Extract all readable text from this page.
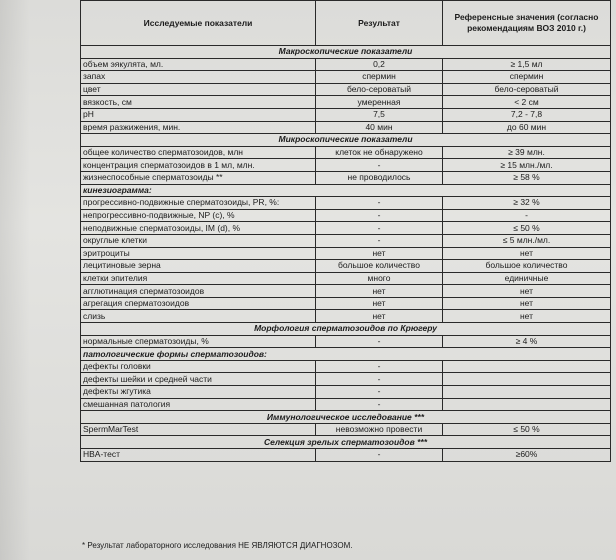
Исследуемые показатели	Результат	Референсные значения (согласно рекомендациям ВОЗ 2010 г.)
Макроскопические показатели		
объем эякулята, мл.	0,2	≥ 1,5 мл
запах	спермин	спермин
цвет	бело-сероватый	бело-сероватый
вязкость, см	умеренная	< 2 см
pH	7,5	7,2 - 7,8
время разжижения, мин.	40 мин	до 60 мин
Микроскопические показатели		
общее количество сперматозоидов, млн	клеток не обнаружено	≥ 39 млн.
концентрация сперматозоидов в 1 мл, млн.	-	≥ 15 млн./мл.
жизнеспособные сперматозоиды **	не проводилось	≥ 58 %
кинезиограмма:		
прогрессивно-подвижные сперматозоиды, PR, %:	-	≥ 32 %
непрогрессивно-подвижные, NP (c), %	-	-
неподвижные сперматозоиды, IM (d), %	-	≤ 50 %
округлые клетки	-	≤ 5 млн./мл.
эритроциты	нет	нет
лецитиновые зерна	большое количество	большое количество
клетки эпителия	много	единичные
агглютинация сперматозоидов	нет	нет
агрегация сперматозоидов	нет	нет
слизь	нет	нет
Морфология сперматозоидов по Крюгеру		
нормальные сперматозоиды, %	-	≥ 4 %
патологические формы сперматозоидов:		
дефекты головки	-	
дефекты шейки и средней части	-	
дефекты жгутика	-	
смешанная патология	-	
Иммунологическое исследование ***		
SpermMarTest	невозможно провести	≤ 50 %
Селекция зрелых сперматозоидов ***		
HBA-тест	-	≥60%
* Результат лабораторного исследования НЕ ЯВЛЯЮТСЯ ДИАГНОЗОМ.
